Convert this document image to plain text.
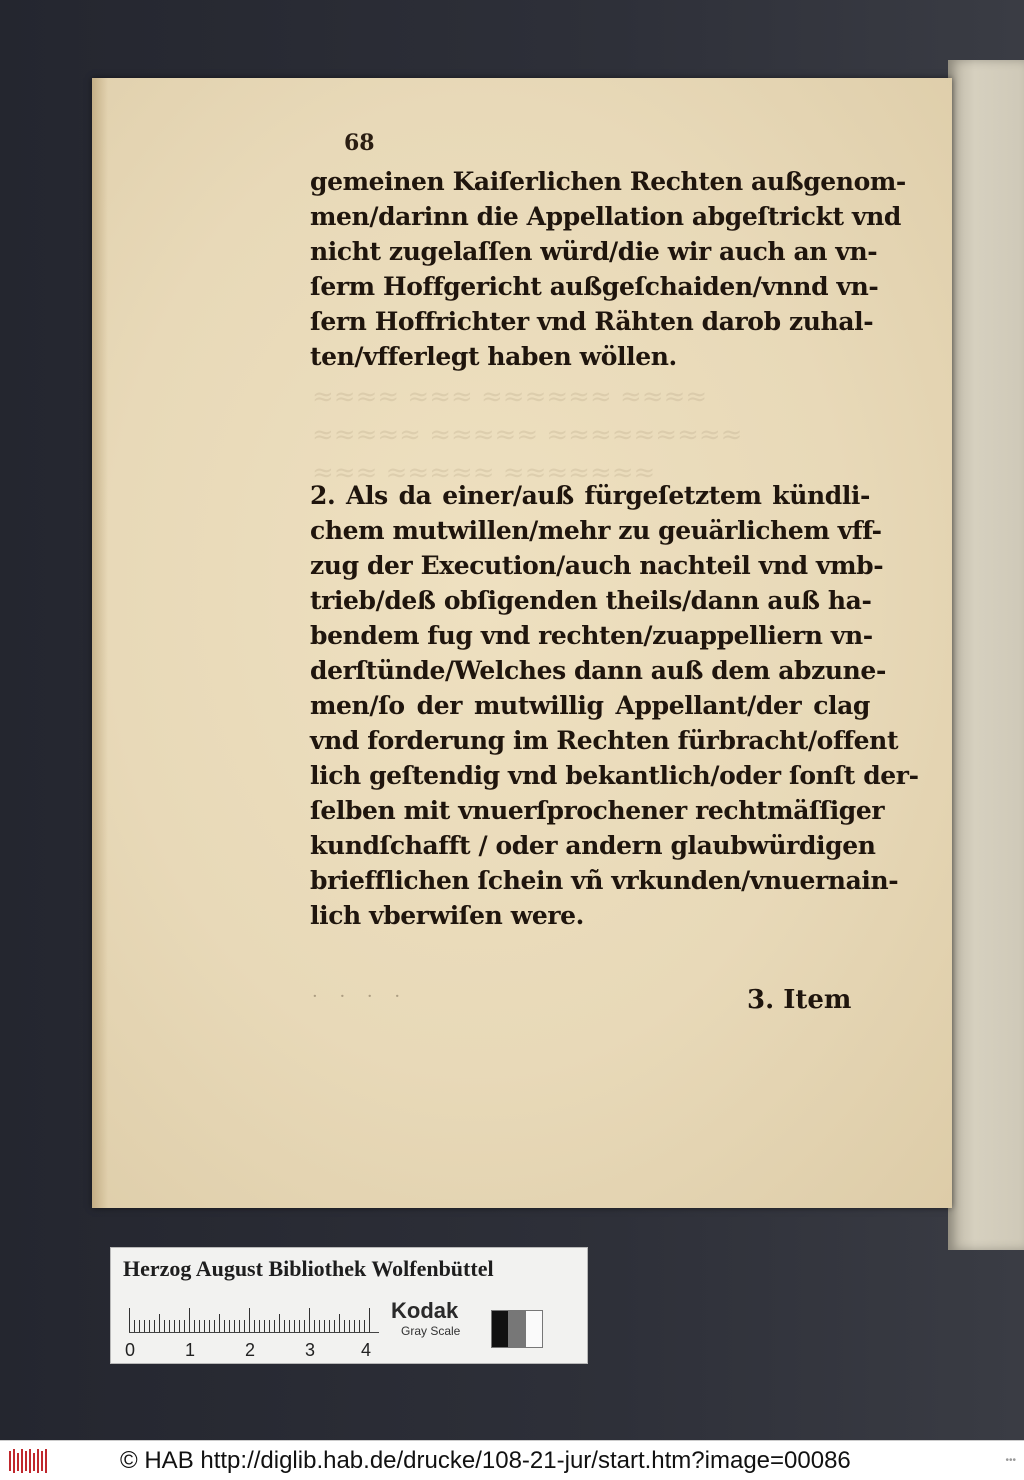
≈≈≈≈ ≈≈≈ ≈≈≈≈≈≈ ≈≈≈≈
≈≈≈≈≈ ≈≈≈≈≈ ≈≈≈≈≈≈≈≈≈
≈≈≈ ≈≈≈≈≈ ≈≈≈≈≈≈≈
68
gemeinen Kaiſerlichen Rechten außgenom-
men/darinn die Appellation abgeſtrickt vnd
nicht zugelaſſen würd/die wir auch an vn-
ſerm Hoffgericht außgeſchaiden/vnnd vn-
ſern Hoffrichter vnd Rähten darob zuhal-
ten/vfferlegt haben wöllen.
2. Als da einer/auß fürgeſetztem kündli-
chem mutwillen/mehr zu geuärlichem vff-
zug der Execution/auch nachteil vnd vmb-
trieb/deß obſigenden theils/dann auß ha-
bendem fug vnd rechten/zuappelliern vn-
derſtünde/Welches dann auß dem abzune-
men/ſo der mutwillig Appellant/der clag
vnd forderung im Rechten fürbracht/offent
lich geſtendig vnd bekantlich/oder ſonſt der-
ſelben mit vnuerſprochener rechtmäſſiger
kundſchafft / oder andern glaubwürdigen
briefflichen ſchein vñ vrkunden/vnuernain-
lich vberwiſen were.
· · · ·	3. Item
Herzog August Bibliothek Wolfenbüttel
0	1	2	3	4
Kodak
Gray Scale
© HAB http://diglib.hab.de/drucke/108-21-jur/start.htm?image=00086	•••
